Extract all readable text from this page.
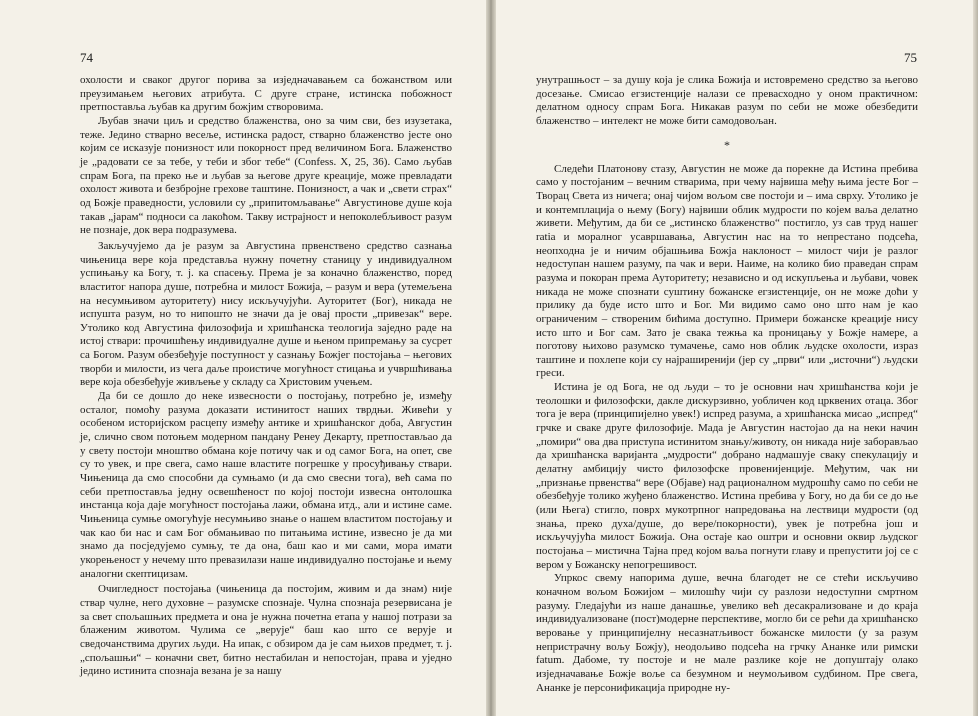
74

охолости и сваког другог порива за изједначавањем са божанством или преузимањем његових атрибута. С друге стране, истинска побожност претпоставља љубав ка другим божјим створовима.

Љубав значи циљ и средство блаженства, оно за чим сви, без изузетака, теже. Једино стварно весеље, истинска радост, стварно блаженство јесте оно којим се исказује понизност или покорност пред величином Бога. Блаженство је „радовати се за тебе, у теби и због тебе“ (Confess. X, 25, 36). Само љубав спрам Бога, па преко ње и љубав за његове друге креације, може превладати охолост живота и безбројне грехове таштине. Понизност, а чак и „свети страх“ од Божје праведности, условили су „припитомљавање“ Августинове душе која такав „јарам“ подноси са лакоћом. Такву истрајност и непоколебљивост разум не познаје, док вера подразумева.

Закључујемо да је разум за Августина првенствено средство сазнања чињеница вере која представља нужну почетну станицу у индивидуалном успињању ка Богу, т. ј. ка спасењу. Према је за коначно блаженство, поред властитог напора душе, потребна и милост Божија, – разум и вера (утемељена на несумњивом ауторитету) нису искључујући. Ауторитет (Бог), никада не испушта разум, но то нипошто не значи да је овај прости „привезак“ вере. Утолико код Августина филозофија и хришћанска теологија заједно раде на истој ствари: прочишћењу индивидуалне душе и њеном припремању за сусрет са Богом. Разум обезбеђује поступност у сазнању Божјег постојања – његових творби и милости, из чега даље проистиче могућност стицања и учвршћивања вере која обезбеђује живљење у складу са Христовим учењем.

Да би се дошло до неке извесности о постојању, потребно је, између осталог, помоћу разума доказати истинитост наших тврдњи. Живећи у особеном историјском расцепу између антике и хришћанског доба, Августин је, слично свом потоњем модерном пандану Ренеу Декарту, претпостављао да у свету постоји мноштво обмана које потичу чак и од самог Бога, на опет, све су то увек, и пре свега, само наше властите погрешке у просуђивању ствари. Чињеница да смо способни да сумњамо (и да смо свесни тога), већ сама по себи претпоставља једну освешћеност по којој постоји извесна онтолошка инстанца која даје могућност постојања лажи, обмана итд., али и истине саме. Чињеница сумње омогућује несумњиво знање о нашем властитом постојању и чак као би нас и сам Бог обмањивао по питањима истине, извесно је да ми знамо да посједујемо сумњу, те да она, баш као и ми сами, мора имати укорењеност у нечему што превазилази наше индивидуално постојање и њему аналогни скептицизам.

Очигледност постојања (чињеница да постојим, живим и да знам) није ствар чулне, него духовне – разумске спознаје. Чулна спознаја резервисана је за свет спољашњих предмета и она је нужна почетна етапа у нашој потрази за блаженим животом. Чулима се „верује“ баш као што се верује и сведочанствима других људи. На ипак, с обзиром да је сам њихов предмет, т. ј. „спољашњи“ – коначни свет, битно нестабилан и непостојан, права и уједно једино истинита спознаја везана је за нашу

75

унутрашњост – за душу која је слика Божија и истовремено средство за његово досезање. Смисао егзистенције налази се превасходно у оном практичном: делатном односу спрам Бога. Никакав разум по себи не може обезбедити блаженство – интелект не може бити самодовољан.

*

Следећи Платонову стазу, Августин не може да порекне да Истина пребива само у постојаним – вечним стварима, при чему највиша међу њима јесте Бог – Творац Света из ничега; онај чијом вољом све постоји и – има сврху. Утолико је и контемплација о њему (Богу) највиши облик мудрости по којем ваља делатно живети. Међутим, да би се „истинско блаженство“ постигло, уз сав труд нашег ratia и моралног усавршавања, Августин нас на то непрестано подсећа, неопходна је и ничим објашњива Божја наклоност – милост чији је разлог недоступан нашем разуму, па чак и вери. Наиме, на колико био праведан спрам разума и покоран према Ауторитету; независно и од искупљења и љубави, човек никада не може спознати суштину божанске егзистенције, он не може доћи у прилику да буде исто што и Бог. Ми видимо само оно што нам је као ограниченим – створеним бићима доступно. Примери божанске креације нису исто што и Бог сам. Зато је свака тежња ка проницању у Божје намере, а поготову њихово разумско тумачење, само нов облик људске охолости, израз таштине и похлепе који су најраширенији (јер су „први“ или „источни“) људски греси.

Истина је од Бога, не од људи – то је основни нач хришћанства који је теолошки и филозофски, дакле дискурзивно, уобличен код црквених отаца. Због тога је вера (принципијелно увек!) испред разума, а хришћанска мисао „испред“ грчке и сваке друге филозофије. Мада је Августин настојао да на неки начин „помири“ ова два приступа истинитом знању/животу, он никада није заборављао да хришћанска варијанта „мудрости“ добрано надмашује сваку спекулацију и делатну амбицију чисто филозофске провенијенције. Међутим, чак ни „признање првенства“ вере (Објаве) над рационалном мудрошћу само по себи не обезбеђује толико жуђено блаженство. Истина пребива у Богу, но да би се до ње (или Њега) стигло, поврх мукотрпног напредовања на лествици мудрости (од знања, преко духа/душе, до вере/покорности), увек је потребна још и искључујућа милост Божија. Она остаје као оштри и основни оквир људског постојања – мистична Тајна пред којом ваља погнути главу и препустити јој се с вером у Божанску непогрешивост.

Упркос свему напорима душе, вечна благодет не се стећи искључиво коначном вољом Божијом – милошћу чији су разлози недоступни смртном разуму. Гледајући из наше данашње, увелико већ десакрализоване и до краја индивидуализоване (пост)модерне перспективе, могло би се рећи да хришћанско веровање у принципијелну несазнатљивост божанске милости (у за разум непристрачну вољу Божју), неодољиво подсећа на грчку Ананке или римски fatum. Дабоме, ту постоје и не мале разлике које не допуштају олако изједначавање Божје воље са безумном и неумољивом судбином. Пре свега, Ананке је персонификација природне ну-
